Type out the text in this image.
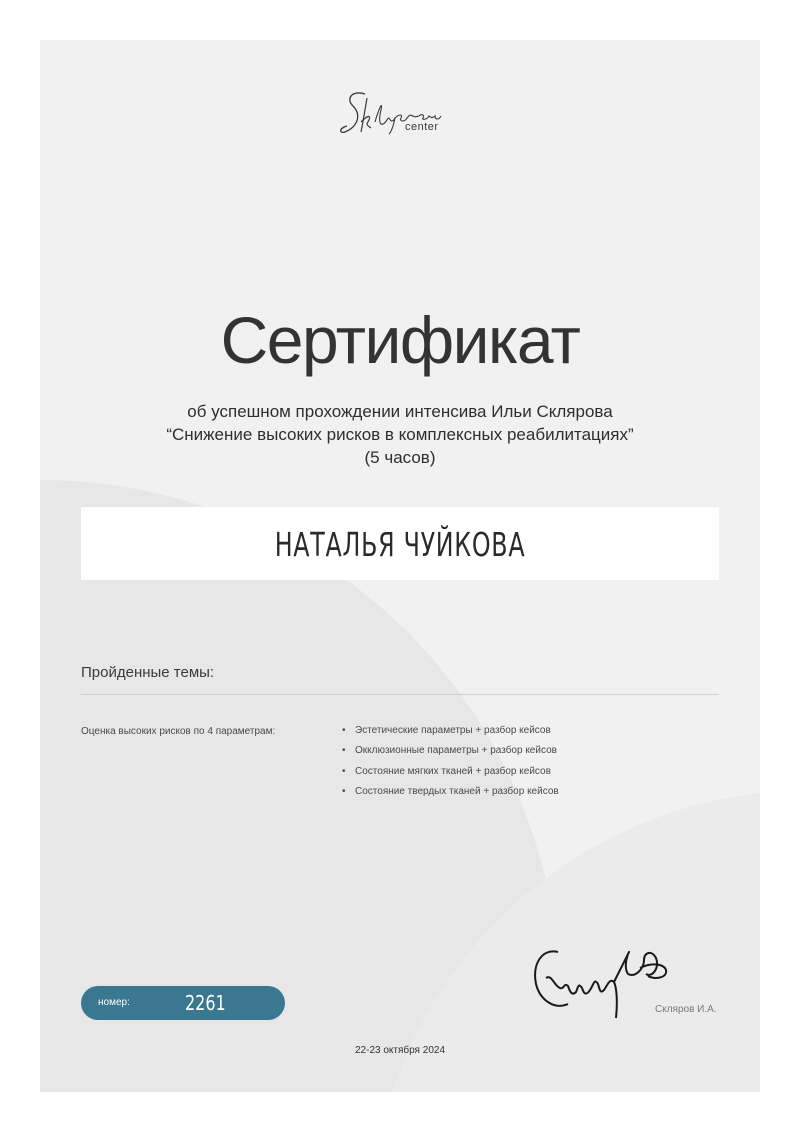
center
Сертификат
об успешном прохождении интенсива Ильи Склярова
“Снижение высоких рисков в комплексных реабилитациях”
(5 часов)
НАТАЛЬЯ ЧУЙКОВА
Пройденные темы:
Оценка высоких рисков по 4 параметрам:	• Эстетические параметры + разбор кейсов
• Окклюзионные параметры + разбор кейсов
• Состояние мягких тканей + разбор кейсов
• Состояние твердых тканей + разбор кейсов
Скляров И.А.
номер:	2261
22-23 октября 2024
